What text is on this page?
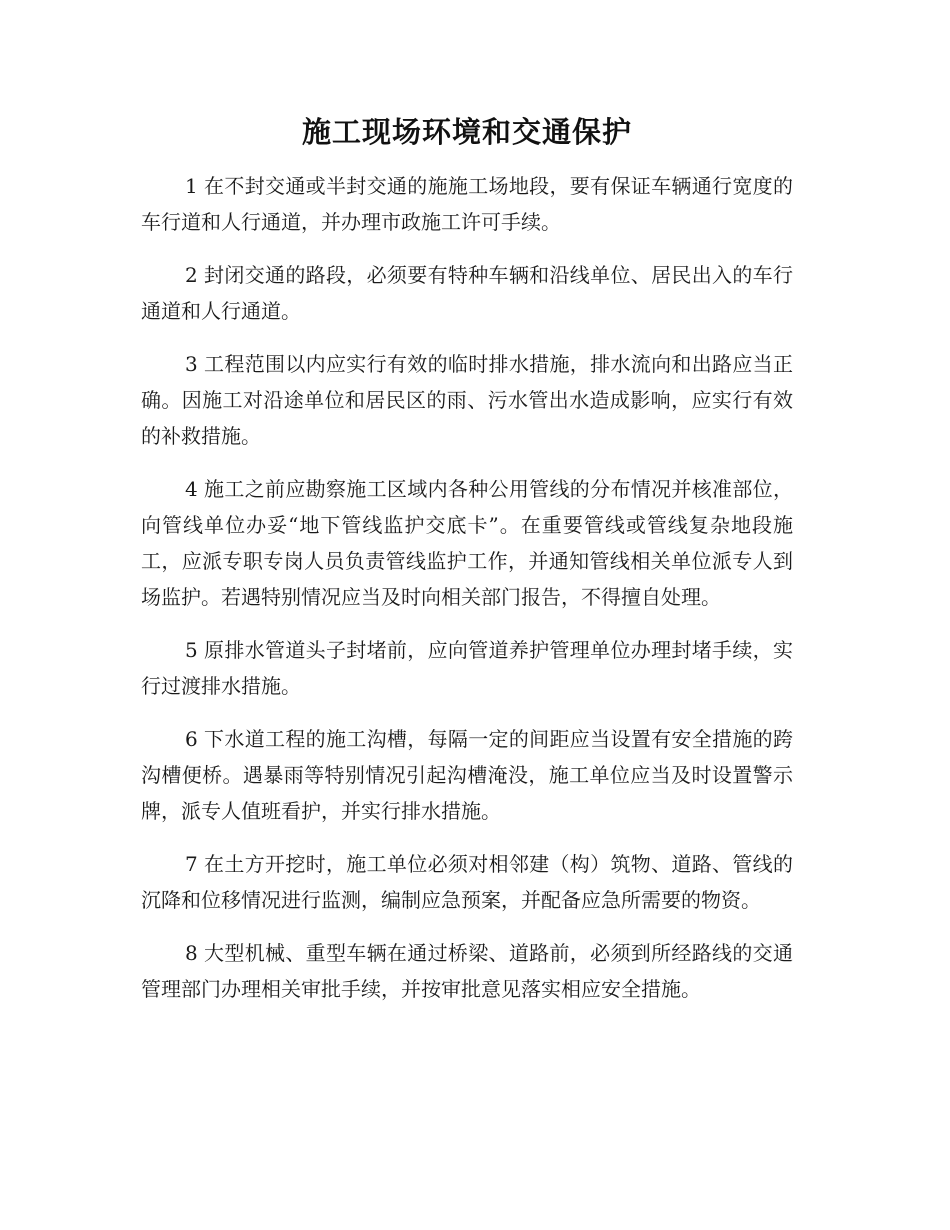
施工现场环境和交通保护

1 在不封交通或半封交通的施施工场地段，要有保证车辆通行宽度的车行道和人行通道，并办理市政施工许可手续。

2 封闭交通的路段，必须要有特种车辆和沿线单位、居民出入的车行通道和人行通道。

3 工程范围以内应实行有效的临时排水措施，排水流向和出路应当正确。因施工对沿途单位和居民区的雨、污水管出水造成影响，应实行有效的补救措施。

4 施工之前应勘察施工区域内各种公用管线的分布情况并核准部位，向管线单位办妥“地下管线监护交底卡”。在重要管线或管线复杂地段施工，应派专职专岗人员负责管线监护工作，并通知管线相关单位派专人到场监护。若遇特别情况应当及时向相关部门报告，不得擅自处理。

5 原排水管道头子封堵前，应向管道养护管理单位办理封堵手续，实行过渡排水措施。

6 下水道工程的施工沟槽，每隔一定的间距应当设置有安全措施的跨沟槽便桥。遇暴雨等特别情况引起沟槽淹没，施工单位应当及时设置警示牌，派专人值班看护，并实行排水措施。

7 在土方开挖时，施工单位必须对相邻建（构）筑物、道路、管线的沉降和位移情况进行监测，编制应急预案，并配备应急所需要的物资。

8 大型机械、重型车辆在通过桥梁、道路前，必须到所经路线的交通管理部门办理相关审批手续，并按审批意见落实相应安全措施。
